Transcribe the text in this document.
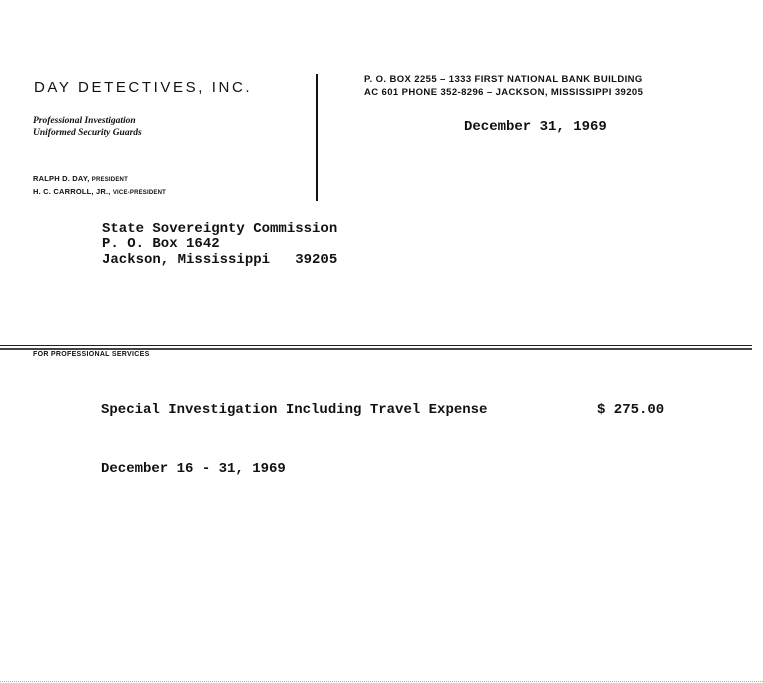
DAY DETECTIVES, INC.
Professional Investigation
Uniformed Security Guards
RALPH D. DAY, PRESIDENT
H. C. CARROLL, JR., VICE-PRESIDENT
P. O. BOX 2255 – 1333 FIRST NATIONAL BANK BUILDING
AC 601 PHONE 352-8296 – JACKSON, MISSISSIPPI 39205
December 31, 1969
State Sovereignty Commission
P. O. Box 1642
Jackson, Mississippi   39205
FOR PROFESSIONAL SERVICES
Special Investigation Including Travel Expense	$ 275.00
December 16 - 31, 1969
